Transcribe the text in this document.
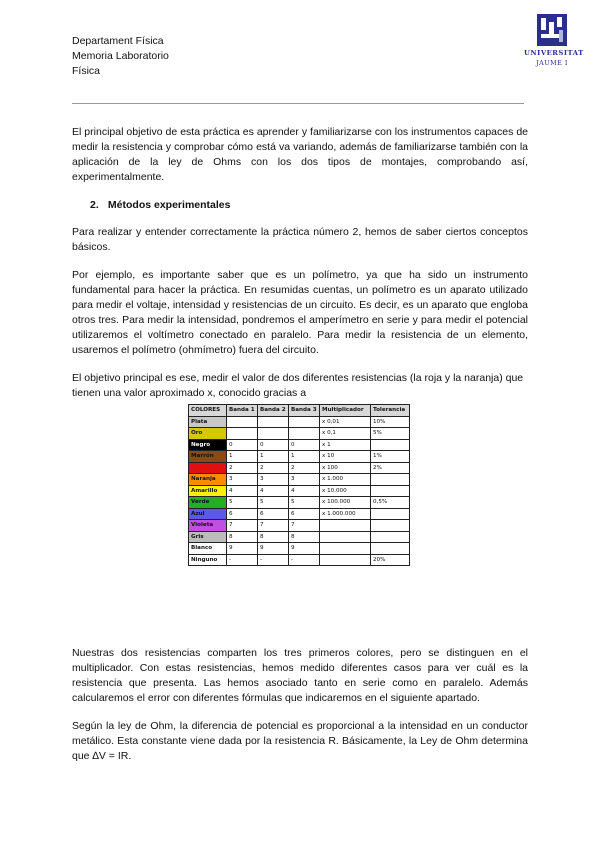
Departament Física
Memoria Laboratorio
Física
UNIVERSITAT
JAUME I

El principal objetivo de esta práctica es aprender y familiarizarse con los instrumentos capaces de medir la resistencia y comprobar cómo está va variando, además de familiarizarse también con la aplicación de la ley de Ohms con los dos tipos de montajes, comprobando así, experimentalmente.

2. Métodos experimentales

Para realizar y entender correctamente la práctica número 2, hemos de saber ciertos conceptos básicos.

Por ejemplo, es importante saber que es un polímetro, ya que ha sido un instrumento fundamental para hacer la práctica. En resumidas cuentas, un polímetro es un aparato utilizado para medir el voltaje, intensidad y resistencias de un circuito. Es decir, es un aparato que engloba otros tres. Para medir la intensidad, pondremos el amperímetro en serie y para medir el potencial utilizaremos el voltímetro conectado en paralelo. Para medir la resistencia de un elemento, usaremos el polímetro (ohmímetro) fuera del circuito.

El objetivo principal es ese, medir el valor de dos diferentes resistencias (la roja y la naranja) que tienen una valor aproximado x, conocido gracias a

COLORES	Banda 1	Banda 2	Banda 3	Multiplicador	Tolerancia
Plata				x 0,01	10%
Oro				x 0,1	5%
Negro	0	0	0	x 1	
Marrón	1	1	1	x 10	1%
Rojo	2	2	2	x 100	2%
Naranja	3	3	3	x 1.000	
Amarillo	4	4	4	x 10.000	
Verde	5	5	5	x 100.000	0,5%
Azul	6	6	6	x 1.000.000	
Violeta	7	7	7		
Gris	8	8	8		
Blanco	9	9	9		
Ninguno	-	-	-		20%

Nuestras dos resistencias comparten los tres primeros colores, pero se distinguen en el multiplicador. Con estas resistencias, hemos medido diferentes casos para ver cuál es la resistencia que presenta. Las hemos asociado tanto en serie como en paralelo. Además calcularemos el error con diferentes fórmulas que indicaremos en el siguiente apartado.

Según la ley de Ohm, la diferencia de potencial es proporcional a la intensidad en un conductor metálico. Esta constante viene dada por la resistencia R. Básicamente, la Ley de Ohm determina que ∆V = IR.
